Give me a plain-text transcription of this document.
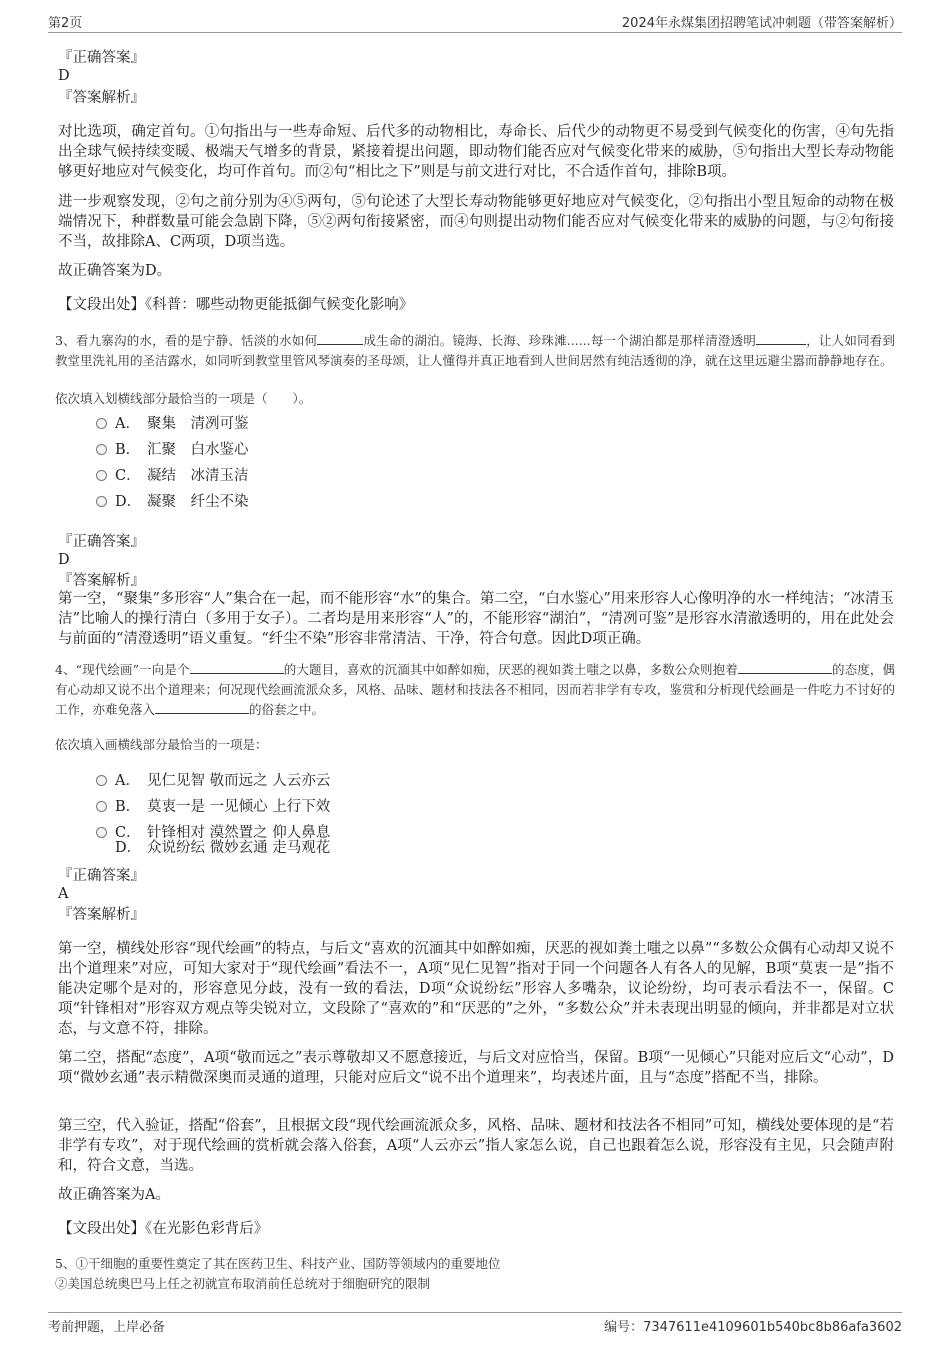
第2页	2024年永煤集团招聘笔试冲刺题（带答案解析）
『正确答案』
D
『答案解析』
对比选项，确定首句。①句指出与一些寿命短、后代多的动物相比，寿命长、后代少的动物更不易受到气候变化的伤害，④句先指出全球气候持续变暖、极端天气增多的背景，紧接着提出问题，即动物们能否应对气候变化带来的威胁，⑤句指出大型长寿动物能够更好地应对气候变化，均可作首句。而②句“相比之下”则是与前文进行对比，不合适作首句，排除B项。
进一步观察发现，②句之前分别为④⑤两句，⑤句论述了大型长寿动物能够更好地应对气候变化，②句指出小型且短命的动物在极端情况下，种群数量可能会急剧下降，⑤②两句衔接紧密，而④句则提出动物们能否应对气候变化带来的威胁的问题，与②句衔接不当，故排除A、C两项，D项当选。
故正确答案为D。
【文段出处】《科普：哪些动物更能抵御气候变化影响》
3、看九寨沟的水，看的是宁静、恬淡的水如何	成生命的湖泊。镜海、长海、珍珠滩......每一个湖泊都是那样清澄透明	，让人如同看到教堂里洗礼用的圣洁露水，如同听到教堂里管风琴演奏的圣母颂，让人懂得并真正地看到人世间居然有纯洁透彻的净，就在这里远避尘嚣而静静地存在。
依次填入划横线部分最恰当的一项是（　　）。
A． 聚集　清冽可鉴
B． 汇聚　白水鉴心
C． 凝结　冰清玉洁
D． 凝聚　纤尘不染
『正确答案』
D
『答案解析』
第一空，“聚集”多形容“人”集合在一起，而不能形容“水”的集合。第二空，“白水鉴心”用来形容人心像明净的水一样纯洁；“冰清玉洁”比喻人的操行清白（多用于女子）。二者均是用来形容“人”的，不能形容“湖泊”，“清冽可鉴”是形容水清澈透明的，用在此处会与前面的“清澄透明”语义重复。“纤尘不染”形容非常清洁、干净，符合句意。因此D项正确。
4、“现代绘画”一向是个	的大题目，喜欢的沉湎其中如醉如痴，厌恶的视如粪土嗤之以鼻，多数公众则抱着	的态度，偶有心动却又说不出个道理来；何况现代绘画流派众多，风格、品味、题材和技法各不相同，因而若非学有专攻，鉴赏和分析现代绘画是一件吃力不讨好的工作，亦难免落入	的俗套之中。
依次填入画横线部分最恰当的一项是：
A． 见仁见智 敬而远之 人云亦云
B． 莫衷一是 一见倾心 上行下效
C． 针锋相对 漠然置之 仰人鼻息
D． 众说纷纭 微妙玄通 走马观花
『正确答案』
A
『答案解析』
第一空，横线处形容“现代绘画”的特点，与后文“喜欢的沉湎其中如醉如痴，厌恶的视如粪土嗤之以鼻”“多数公众偶有心动却又说不出个道理来”对应，可知大家对于“现代绘画”看法不一，A项“见仁见智”指对于同一个问题各人有各人的见解，B项“莫衷一是”指不能决定哪个是对的，形容意见分歧，没有一致的看法，D项“众说纷纭”形容人多嘴杂，议论纷纷，均可表示看法不一，保留。C项“针锋相对”形容双方观点等尖锐对立，文段除了“喜欢的”和“厌恶的”之外，“多数公众”并未表现出明显的倾向，并非都是对立状态，与文意不符，排除。
第二空，搭配“态度”，A项“敬而远之”表示尊敬却又不愿意接近，与后文对应恰当，保留。B项“一见倾心”只能对应后文“心动”，D项“微妙玄通”表示精微深奥而灵通的道理，只能对应后文“说不出个道理来”，均表述片面，且与“态度”搭配不当，排除。
第三空，代入验证，搭配“俗套”，且根据文段“现代绘画流派众多，风格、品味、题材和技法各不相同”可知，横线处要体现的是“若非学有专攻”，对于现代绘画的赏析就会落入俗套，A项“人云亦云”指人家怎么说，自己也跟着怎么说，形容没有主见，只会随声附和，符合文意，当选。
故正确答案为A。
【文段出处】《在光影色彩背后》
5、①干细胞的重要性奠定了其在医药卫生、科技产业、国防等领域内的重要地位
②美国总统奥巴马上任之初就宣布取消前任总统对于细胞研究的限制
考前押题，上岸必备	编号：7347611e4109601b540bc8b86afa3602
